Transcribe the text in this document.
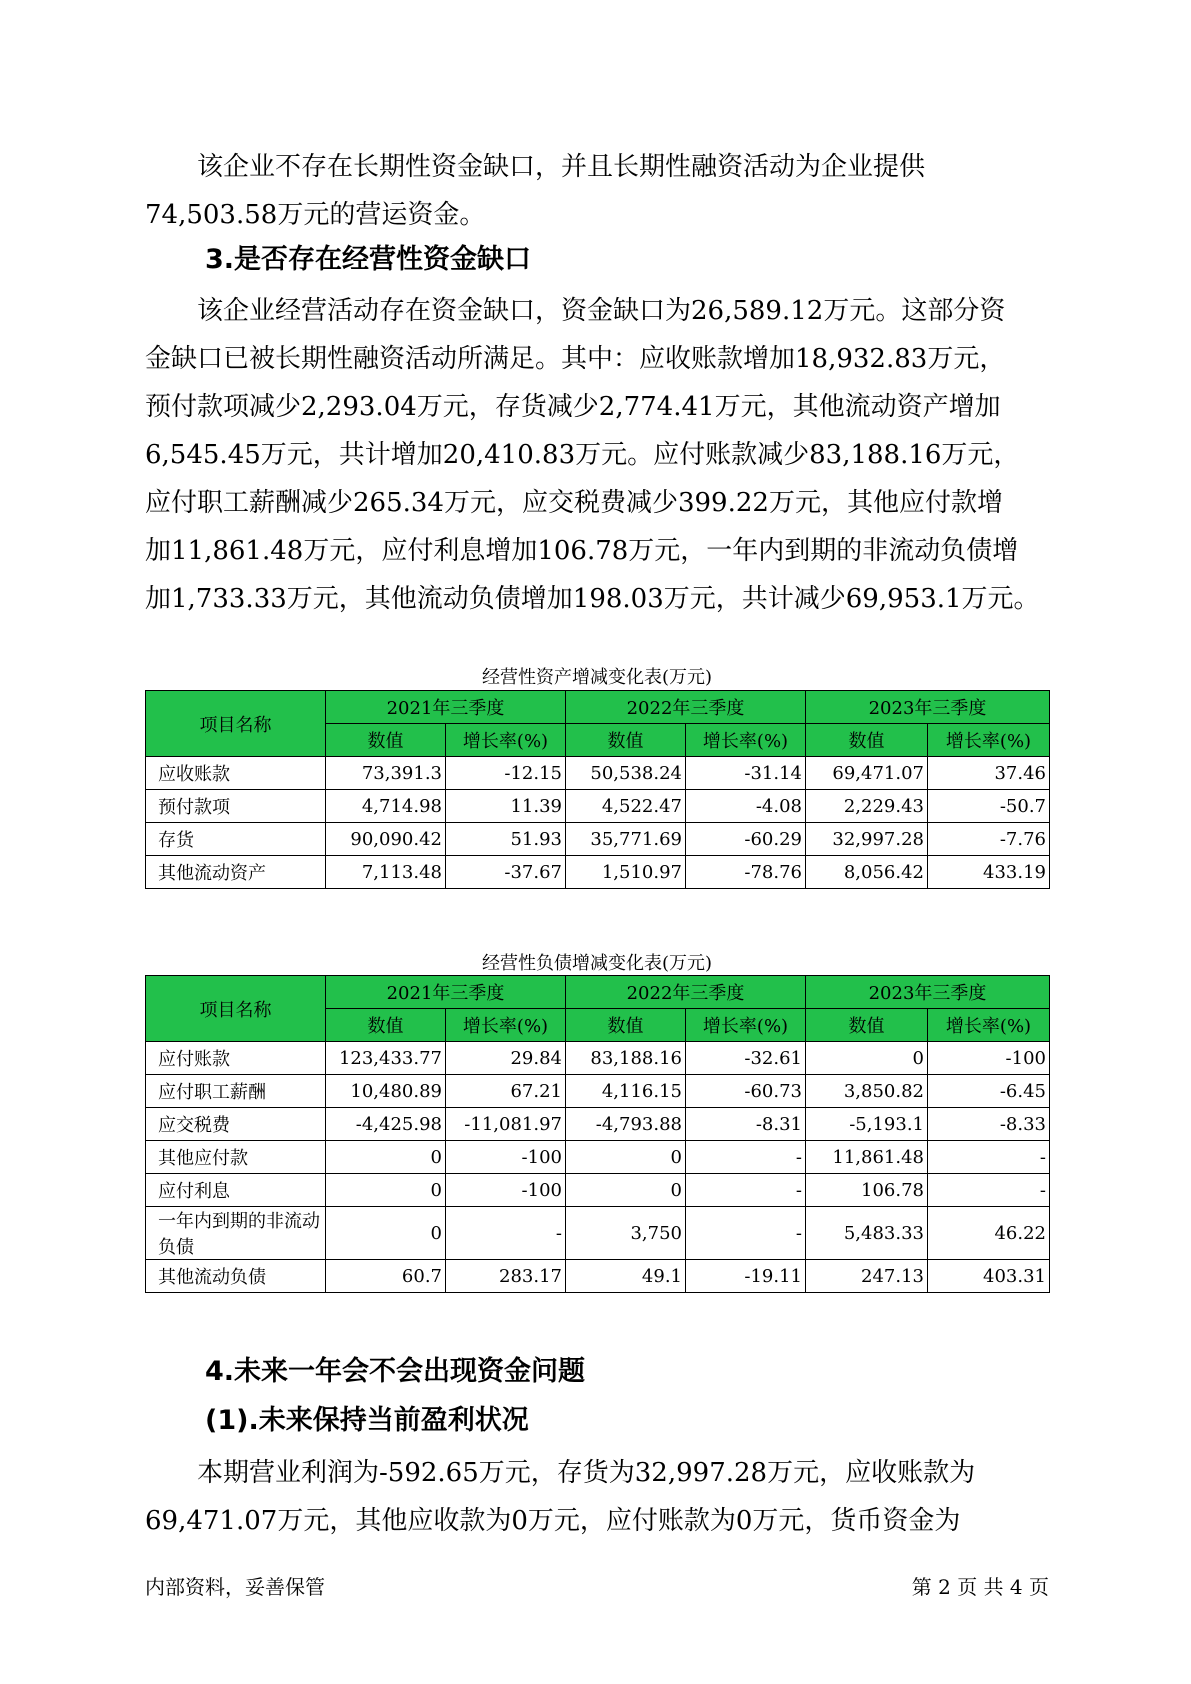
该企业不存在长期性资金缺口，并且长期性融资活动为企业提供
74,503.58万元的营运资金。

3.是否存在经营性资金缺口

该企业经营活动存在资金缺口，资金缺口为26,589.12万元。这部分资
金缺口已被长期性融资活动所满足。其中：应收账款增加18,932.83万元，
预付款项减少2,293.04万元，存货减少2,774.41万元，其他流动资产增加
6,545.45万元，共计增加20,410.83万元。应付账款减少83,188.16万元，
应付职工薪酬减少265.34万元，应交税费减少399.22万元，其他应付款增
加11,861.48万元，应付利息增加106.78万元，一年内到期的非流动负债增
加1,733.33万元，其他流动负债增加198.03万元，共计减少69,953.1万元。

经营性资产增减变化表(万元)

项目名称	2021年三季度		2022年三季度		2023年三季度	
	数值	增长率(%)	数值	增长率(%)	数值	增长率(%)
应收账款	73,391.3	-12.15	50,538.24	-31.14	69,471.07	37.46
预付款项	4,714.98	11.39	4,522.47	-4.08	2,229.43	-50.7
存货	90,090.42	51.93	35,771.69	-60.29	32,997.28	-7.76
其他流动资产	7,113.48	-37.67	1,510.97	-78.76	8,056.42	433.19

经营性负债增减变化表(万元)

项目名称	2021年三季度		2022年三季度		2023年三季度	
	数值	增长率(%)	数值	增长率(%)	数值	增长率(%)
应付账款	123,433.77	29.84	83,188.16	-32.61	0	-100
应付职工薪酬	10,480.89	67.21	4,116.15	-60.73	3,850.82	-6.45
应交税费	-4,425.98	-11,081.97	-4,793.88	-8.31	-5,193.1	-8.33
其他应付款	0	-100	0	-	11,861.48	-
应付利息	0	-100	0	-	106.78	-
一年内到期的非流动负债	0	-	3,750	-	5,483.33	46.22
其他流动负债	60.7	283.17	49.1	-19.11	247.13	403.31
4.未来一年会不会出现资金问题
(1).未来保持当前盈利状况

本期营业利润为-592.65万元，存货为32,997.28万元，应收账款为
69,471.07万元，其他应收款为0万元，应付账款为0万元，货币资金为

内部资料，妥善保管	第 2 页 共 4 页
